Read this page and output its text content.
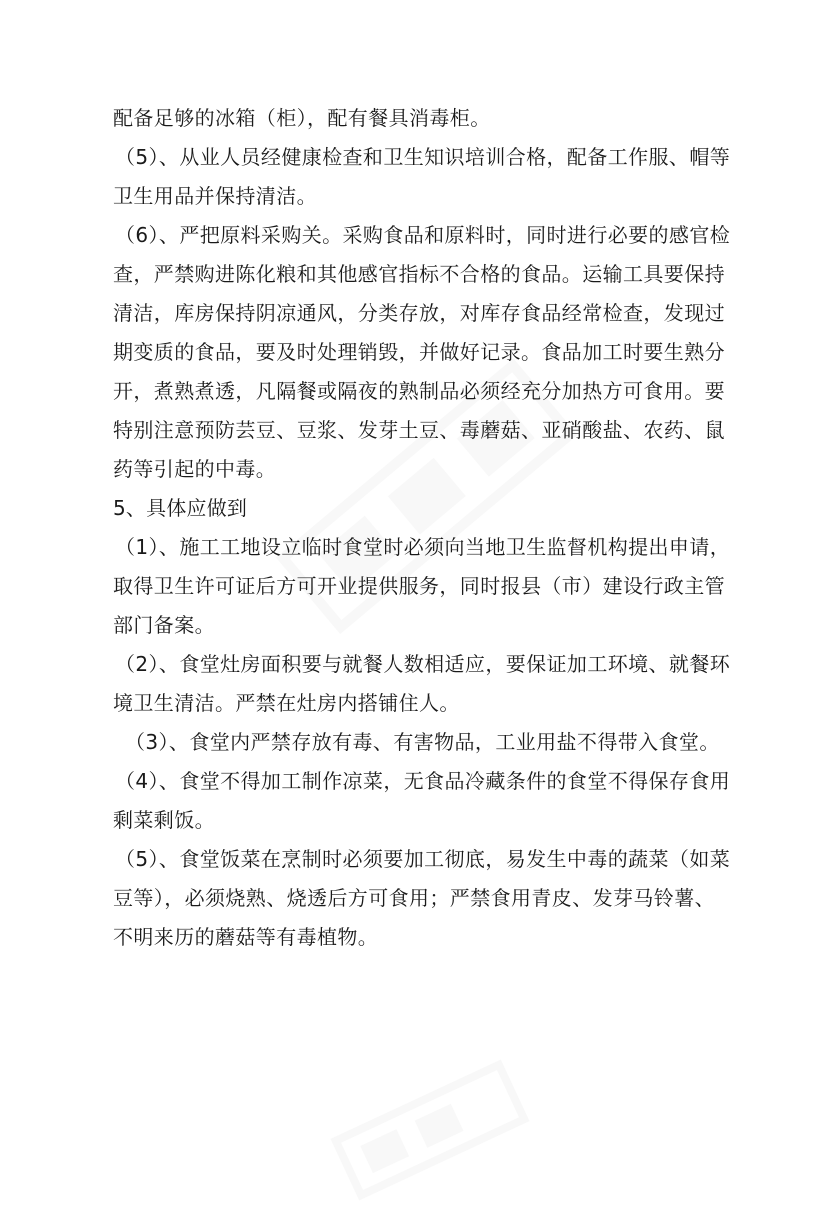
配备足够的冰箱（柜），配有餐具消毒柜。
（5）、从业人员经健康检查和卫生知识培训合格，配备工作服、帽等
卫生用品并保持清洁。
（6）、严把原料采购关。采购食品和原料时，同时进行必要的感官检
查，严禁购进陈化粮和其他感官指标不合格的食品。运输工具要保持
清洁，库房保持阴凉通风，分类存放，对库存食品经常检查，发现过
期变质的食品，要及时处理销毁，并做好记录。食品加工时要生熟分
开，煮熟煮透，凡隔餐或隔夜的熟制品必须经充分加热方可食用。要
特别注意预防芸豆、豆浆、发芽土豆、毒蘑菇、亚硝酸盐、农药、鼠
药等引起的中毒。
5、具体应做到
（1）、施工工地设立临时食堂时必须向当地卫生监督机构提出申请，
取得卫生许可证后方可开业提供服务，同时报县（市）建设行政主管
部门备案。
（2）、食堂灶房面积要与就餐人数相适应，要保证加工环境、就餐环
境卫生清洁。严禁在灶房内搭铺住人。
（3）、食堂内严禁存放有毒、有害物品，工业用盐不得带入食堂。
（4）、食堂不得加工制作凉菜，无食品冷藏条件的食堂不得保存食用
剩菜剩饭。
（5）、食堂饭菜在烹制时必须要加工彻底，易发生中毒的蔬菜（如菜
豆等），必须烧熟、烧透后方可食用；严禁食用青皮、发芽马铃薯、
不明来历的蘑菇等有毒植物。
